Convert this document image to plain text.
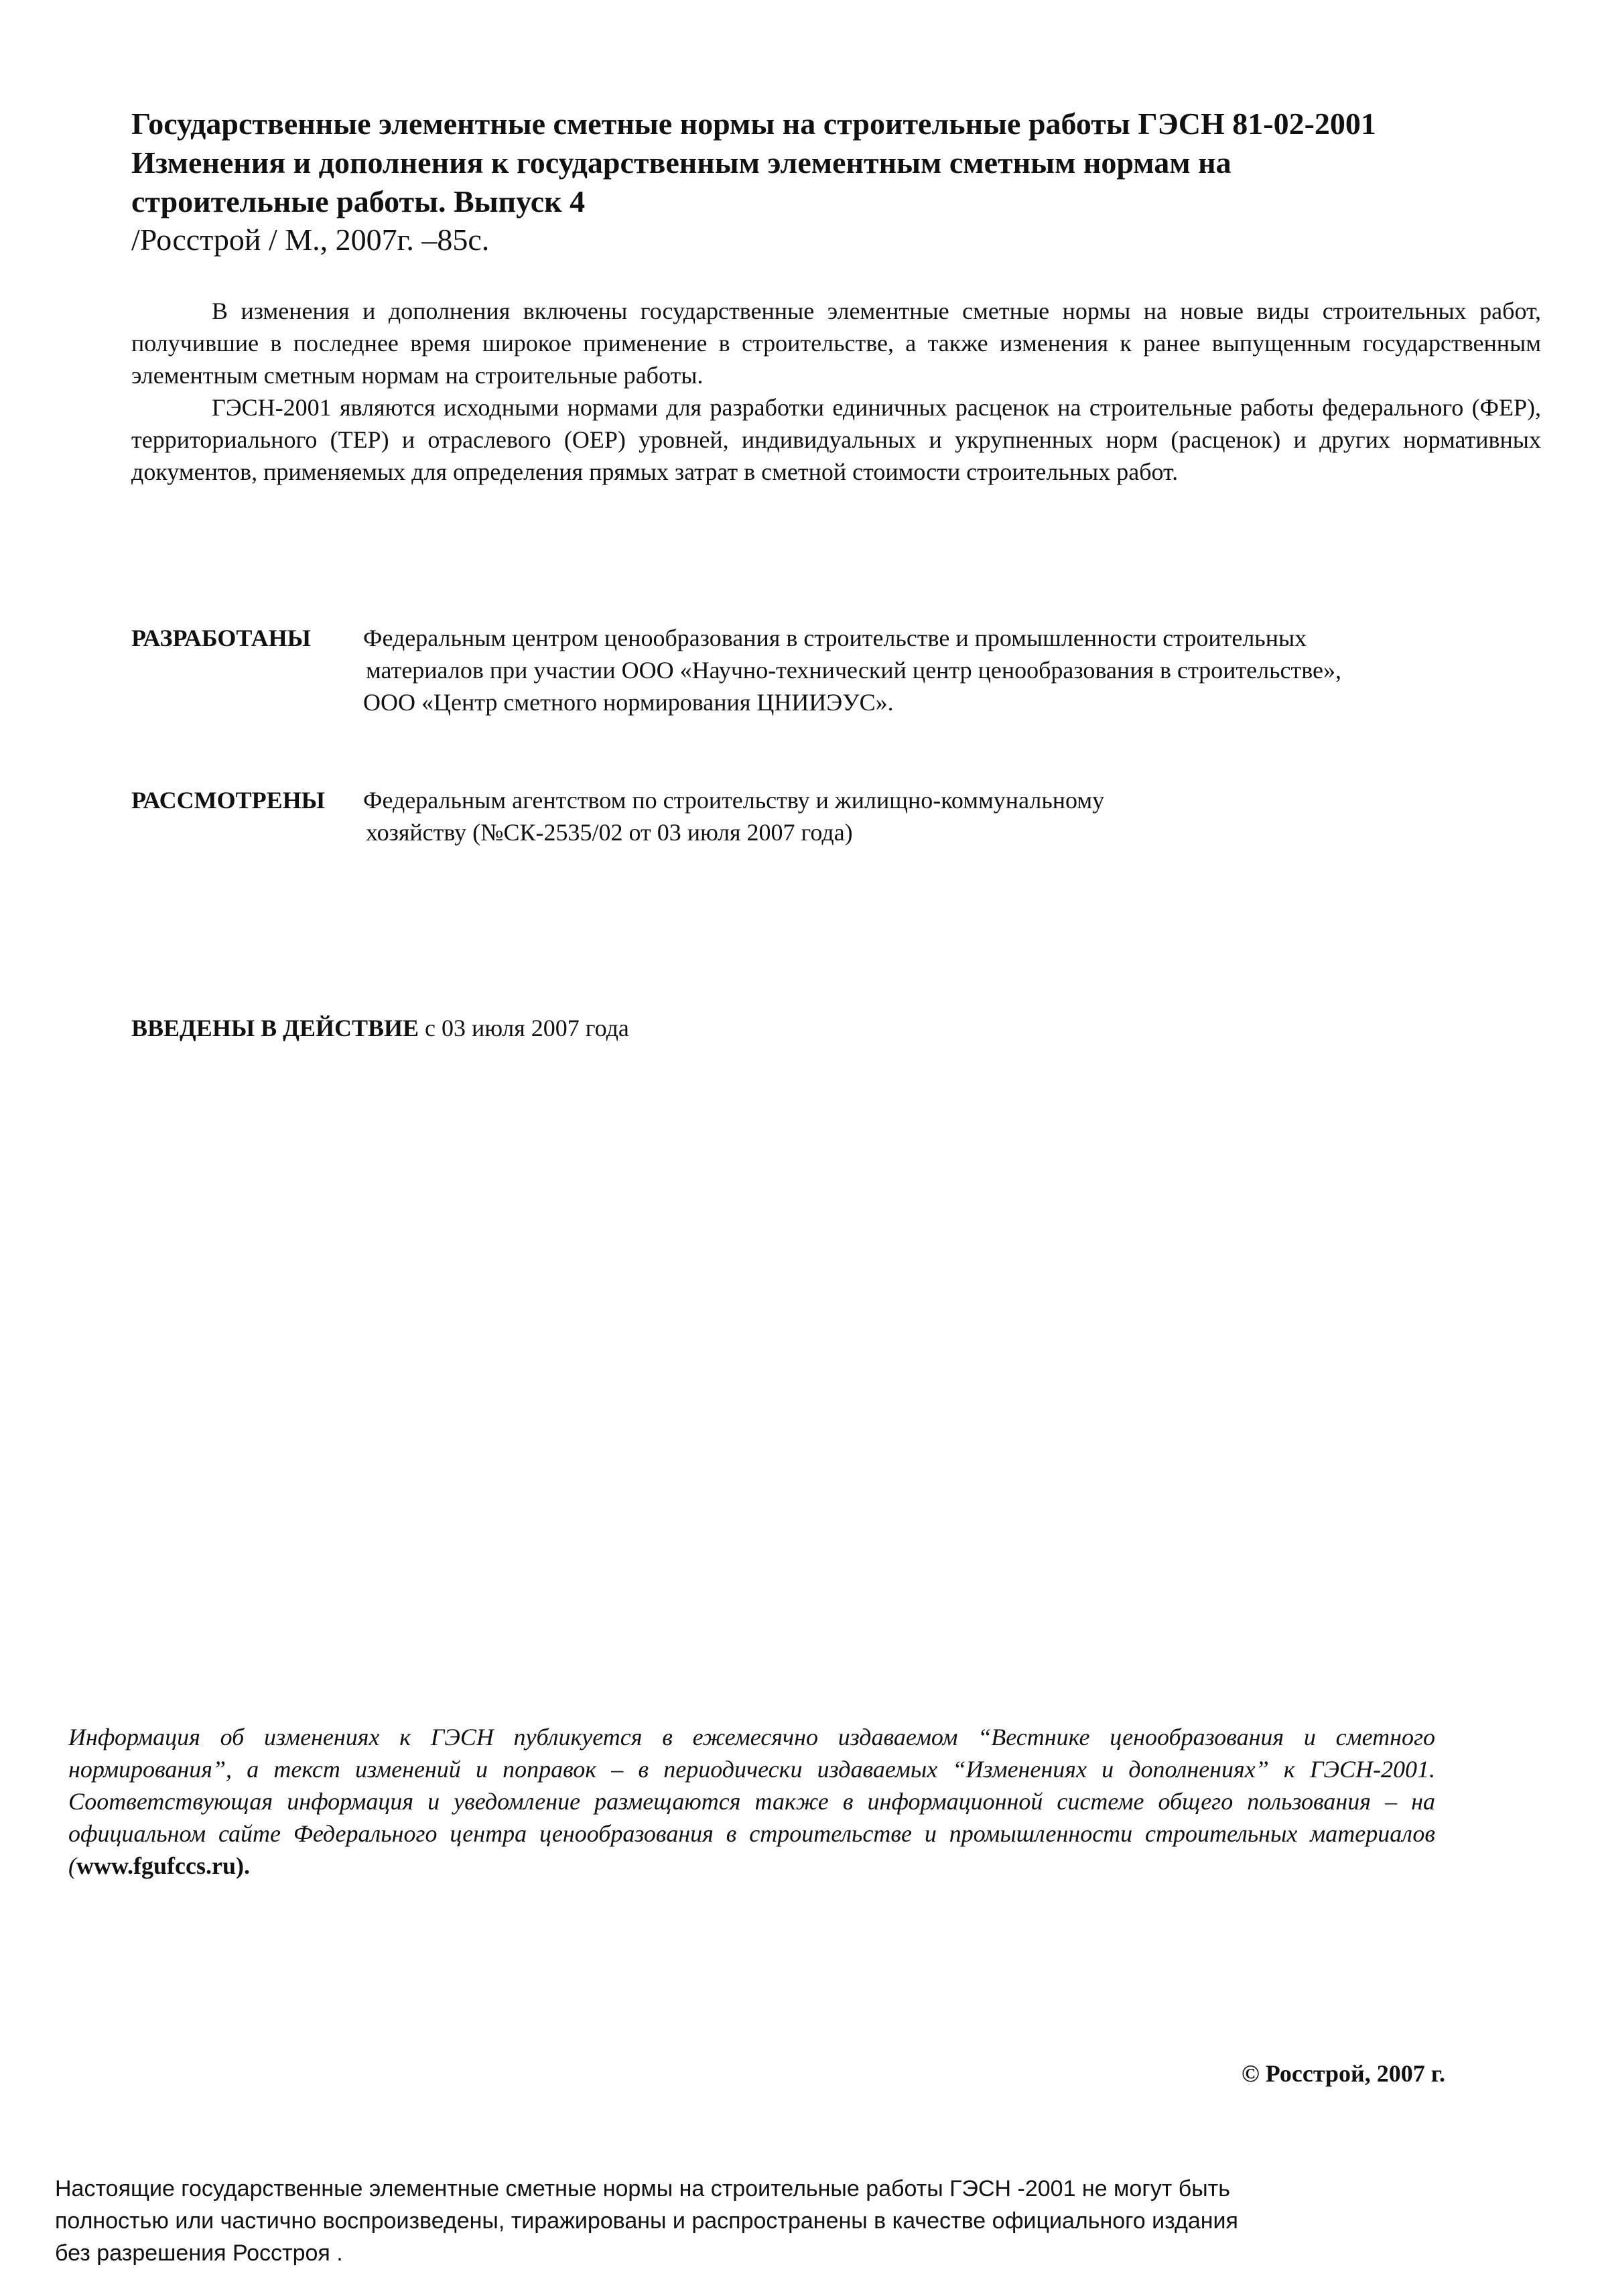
Государственные элементные сметные нормы на строительные работы ГЭСН 81-02-2001
Изменения и дополнения к государственным элементным сметным нормам на
строительные работы. Выпуск 4
/Росстрой / М., 2007г. –85с.

В изменения и дополнения включены государственные элементные сметные нормы на новые виды строительных работ, получившие в последнее время широкое применение в строительстве, а также изменения к ранее выпущенным государственным элементным сметным нормам на строительные работы.

ГЭСН-2001 являются исходными нормами для разработки единичных расценок на строительные работы федерального (ФЕР), территориального (ТЕР) и отраслевого (ОЕР) уровней, индивидуальных и укрупненных норм (расценок) и других нормативных документов, применяемых для определения прямых затрат в сметной стоимости строительных работ.

РАЗРАБОТАНЫ Федеральным центром ценообразования в строительстве и промышленности строительных
материалов при участии ООО «Научно-технический центр ценообразования в строительстве»,
ООО «Центр сметного нормирования ЦНИИЭУС».
РАССМОТРЕНЫ Федеральным агентством по строительству и жилищно-коммунальному
хозяйству (№СК-2535/02 от 03 июля 2007 года)
ВВЕДЕНЫ В ДЕЙСТВИЕ с 03 июля 2007 года
Информация об изменениях к ГЭСН публикуется в ежемесячно издаваемом “Вестнике ценообразования и сметного нормирования”, а текст изменений и поправок – в периодически издаваемых “Изменениях и дополнениях” к ГЭСН-2001. Соответствующая информация и уведомление размещаются также в информационной системе общего пользования – на официальном сайте Федерального центра ценообразования в строительстве и промышленности строительных материалов (www.fgufccs.ru).
© Росстрой, 2007 г.
Настоящие государственные элементные сметные нормы на строительные работы ГЭСН -2001 не могут быть
полностью или частично воспроизведены, тиражированы и распространены в качестве официального издания
без разрешения Росстроя .
